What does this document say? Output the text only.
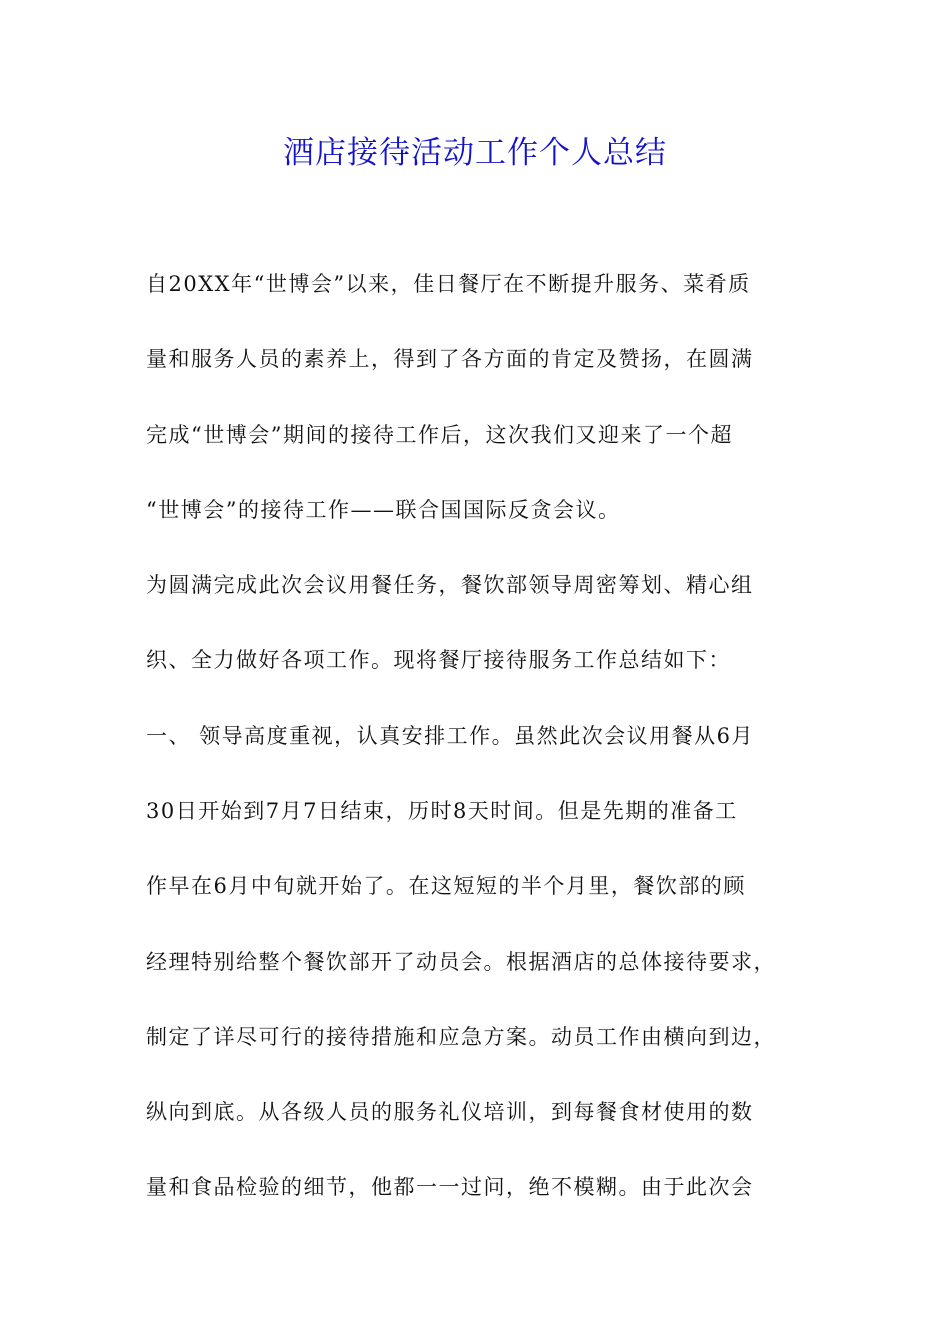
酒店接待活动工作个人总结
自20XX年“世博会”以来，佳日餐厅在不断提升服务、菜肴质
量和服务人员的素养上，得到了各方面的肯定及赞扬，在圆满
完成“世博会”期间的接待工作后，这次我们又迎来了一个超
“世博会”的接待工作——联合国国际反贪会议。
为圆满完成此次会议用餐任务，餐饮部领导周密筹划、精心组
织、全力做好各项工作。现将餐厅接待服务工作总结如下：
一、 领导高度重视，认真安排工作。虽然此次会议用餐从6月
30日开始到7月7日结束，历时8天时间。但是先期的准备工
作早在6月中旬就开始了。在这短短的半个月里，餐饮部的顾
经理特别给整个餐饮部开了动员会。根据酒店的总体接待要求，
制定了详尽可行的接待措施和应急方案。动员工作由横向到边，
纵向到底。从各级人员的服务礼仪培训，到每餐食材使用的数
量和食品检验的细节，他都一一过问，绝不模糊。由于此次会
